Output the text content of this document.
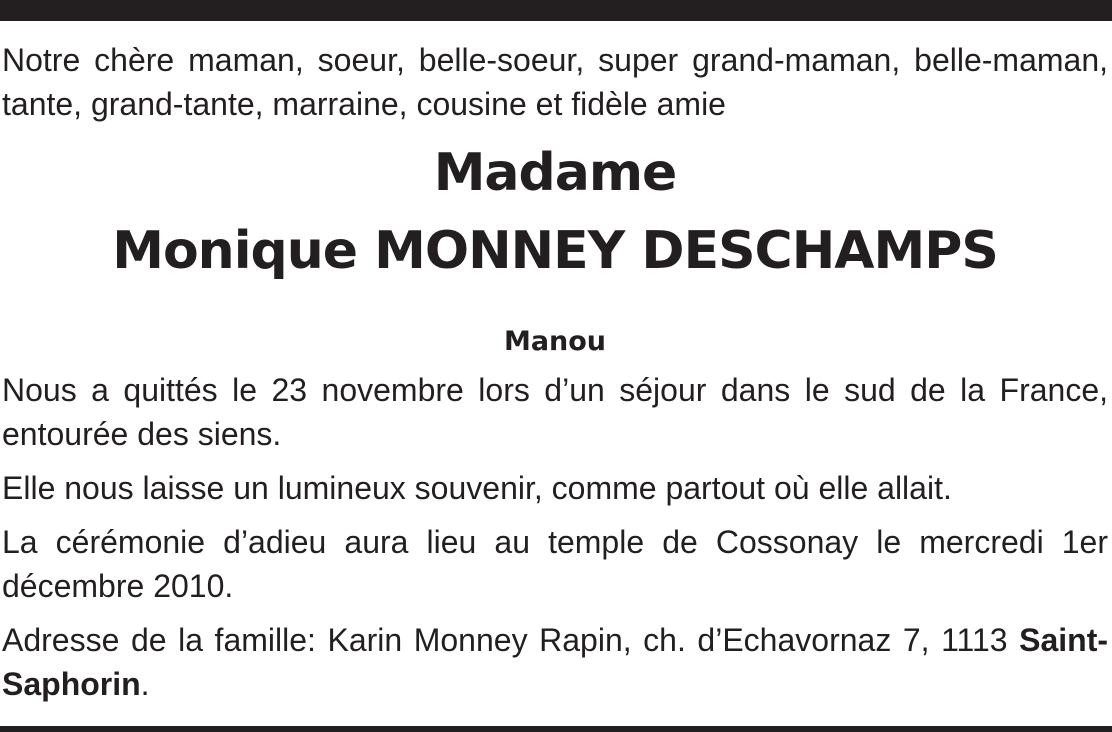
Notre chère maman, soeur, belle-soeur, super grand-maman, belle-maman, tante, grand-tante, marraine, cousine et fidèle amie

Madame
Monique MONNEY DESCHAMPS
Manou

Nous a quittés le 23 novembre lors d’un séjour dans le sud de la France, entourée des siens.

Elle nous laisse un lumineux souvenir, comme partout où elle allait.

La cérémonie d’adieu aura lieu au temple de Cossonay le mercredi 1er décembre 2010.

Adresse de la famille: Karin Monney Rapin, ch. d’Echavornaz 7, 1113 Saint-Saphorin.
